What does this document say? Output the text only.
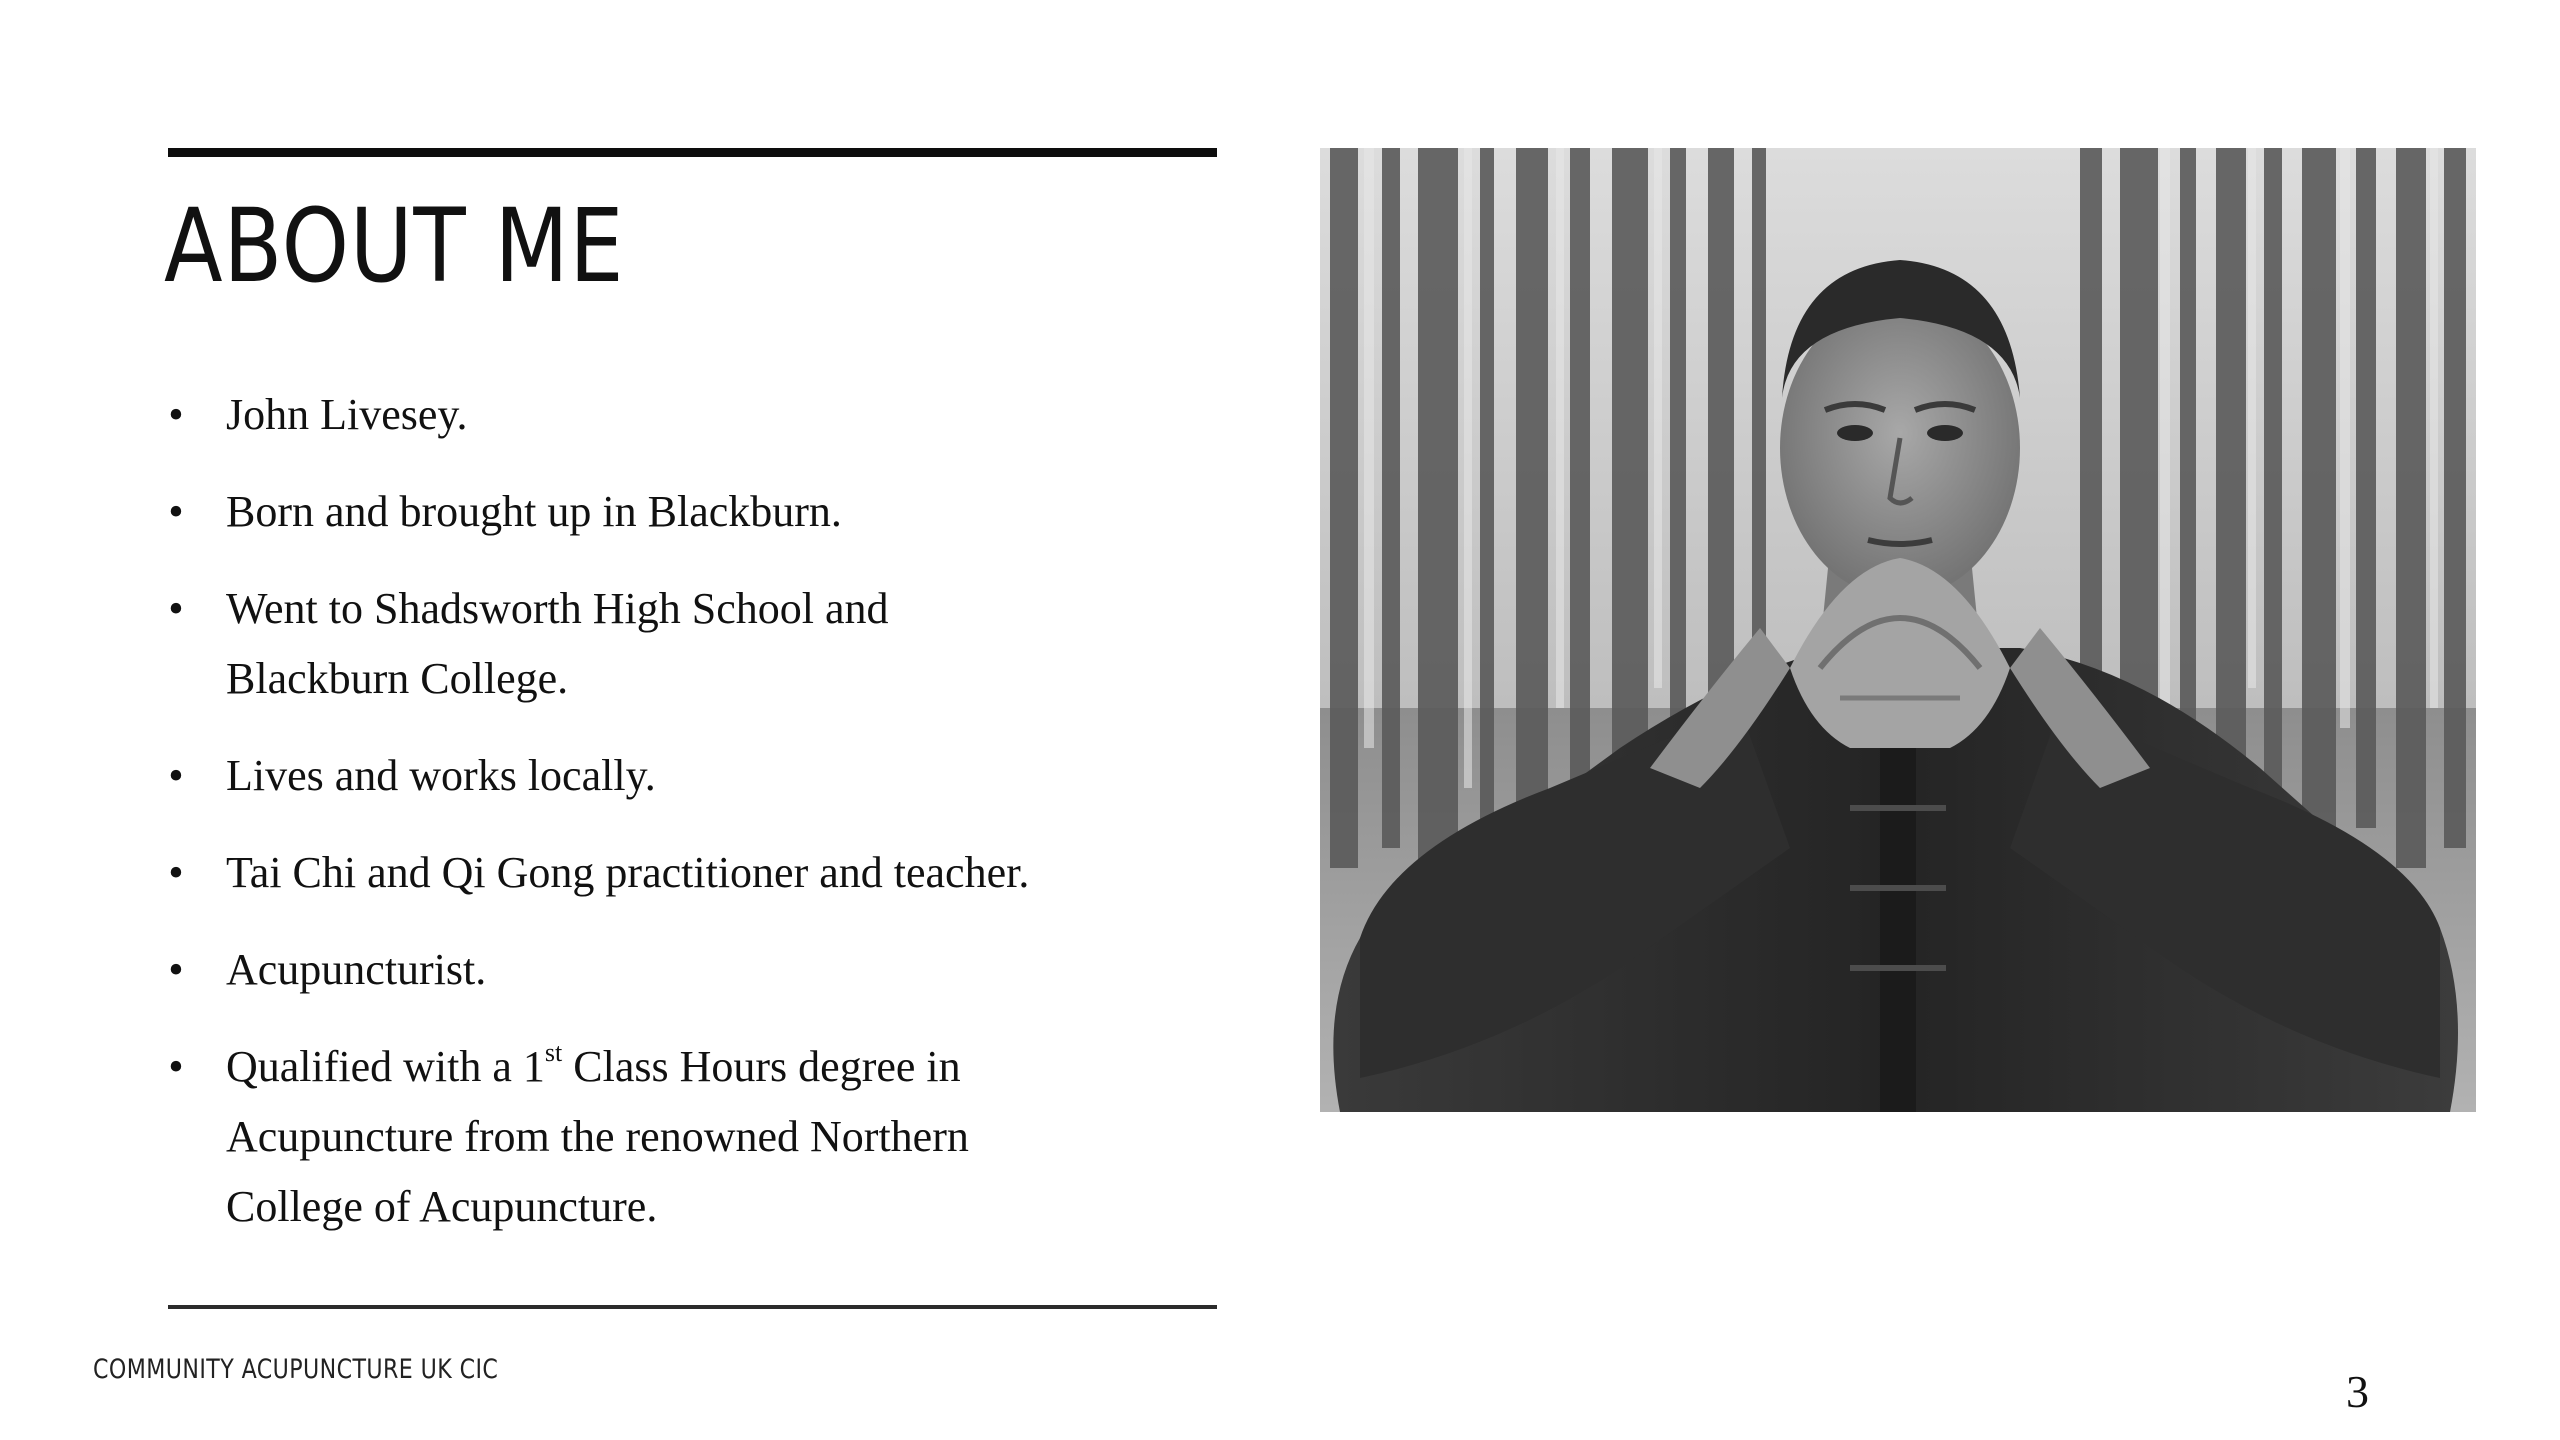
ABOUT ME
• John Livesey.
• Born and brought up in Blackburn.
• Went to Shadsworth High School and
Blackburn College.
• Lives and works locally.
• Tai Chi and Qi Gong practitioner and teacher.
• Acupuncturist.
• Qualified with a 1st Class Hours degree in
Acupuncture from the renowned Northern
College of Acupuncture.
COMMUNITY ACUPUNCTURE UK CIC	3
